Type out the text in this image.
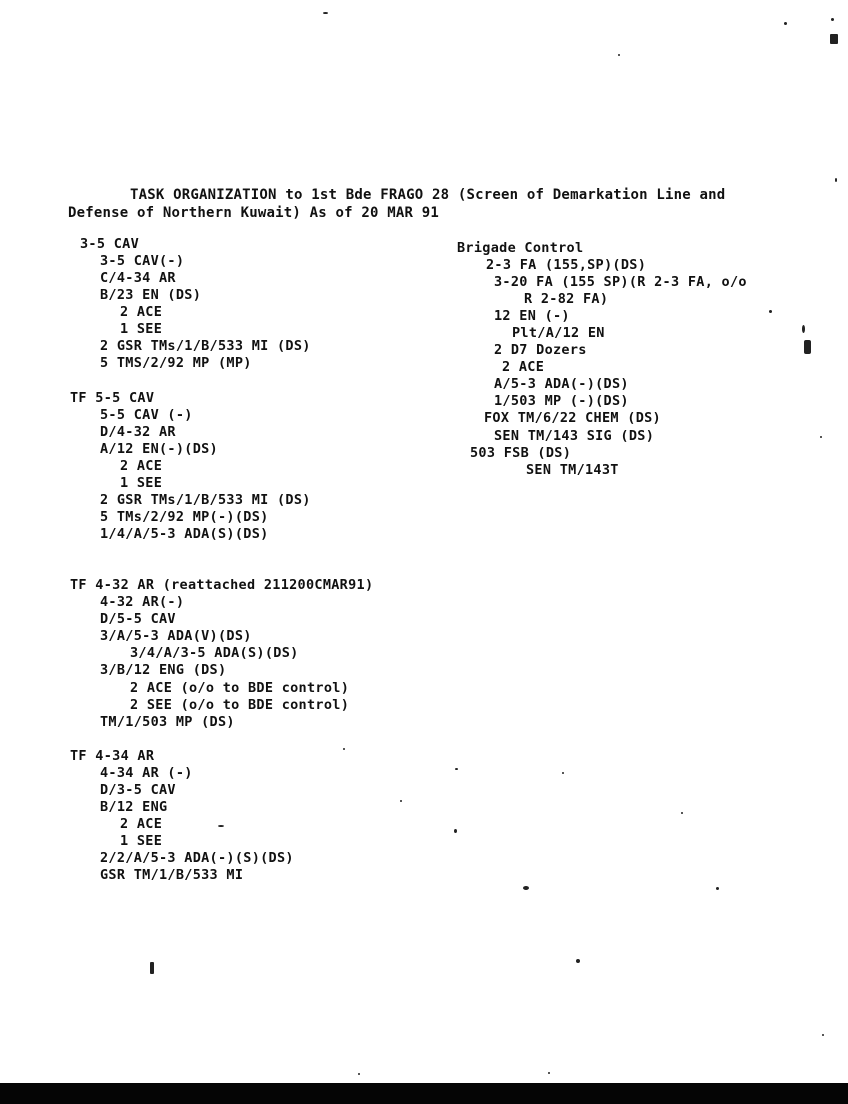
TASK ORGANIZATION to 1st Bde FRAGO 28 (Screen of Demarkation Line and
Defense of Northern Kuwait) As of 20 MAR 91
3-5 CAV
3-5 CAV(-)
C/4-34 AR
B/23 EN (DS)
2 ACE
1 SEE
2 GSR TMs/1/B/533 MI (DS)
5 TMS/2/92 MP (MP)
TF 5-5 CAV
5-5 CAV (-)
D/4-32 AR
A/12 EN(-)(DS)
2 ACE
1 SEE
2 GSR TMs/1/B/533 MI (DS)
5 TMs/2/92 MP(-)(DS)
1/4/A/5-3 ADA(S)(DS)
TF 4-32 AR (reattached 211200CMAR91)
4-32 AR(-)
D/5-5 CAV
3/A/5-3 ADA(V)(DS)
3/4/A/3-5 ADA(S)(DS)
3/B/12 ENG (DS)
2 ACE (o/o to BDE control)
2 SEE (o/o to BDE control)
TM/1/503 MP (DS)
TF 4-34 AR
4-34 AR (-)
D/3-5 CAV
B/12 ENG
2 ACE
1 SEE
2/2/A/5-3 ADA(-)(S)(DS)
GSR TM/1/B/533 MI
Brigade Control
2-3 FA (155,SP)(DS)
3-20 FA (155 SP)(R 2-3 FA, o/o
R 2-82 FA)
12 EN (-)
Plt/A/12 EN
2 D7 Dozers
2 ACE
A/5-3 ADA(-)(DS)
1/503 MP (-)(DS)
FOX TM/6/22 CHEM (DS)
SEN TM/143 SIG (DS)
503 FSB (DS)
SEN TM/143T
